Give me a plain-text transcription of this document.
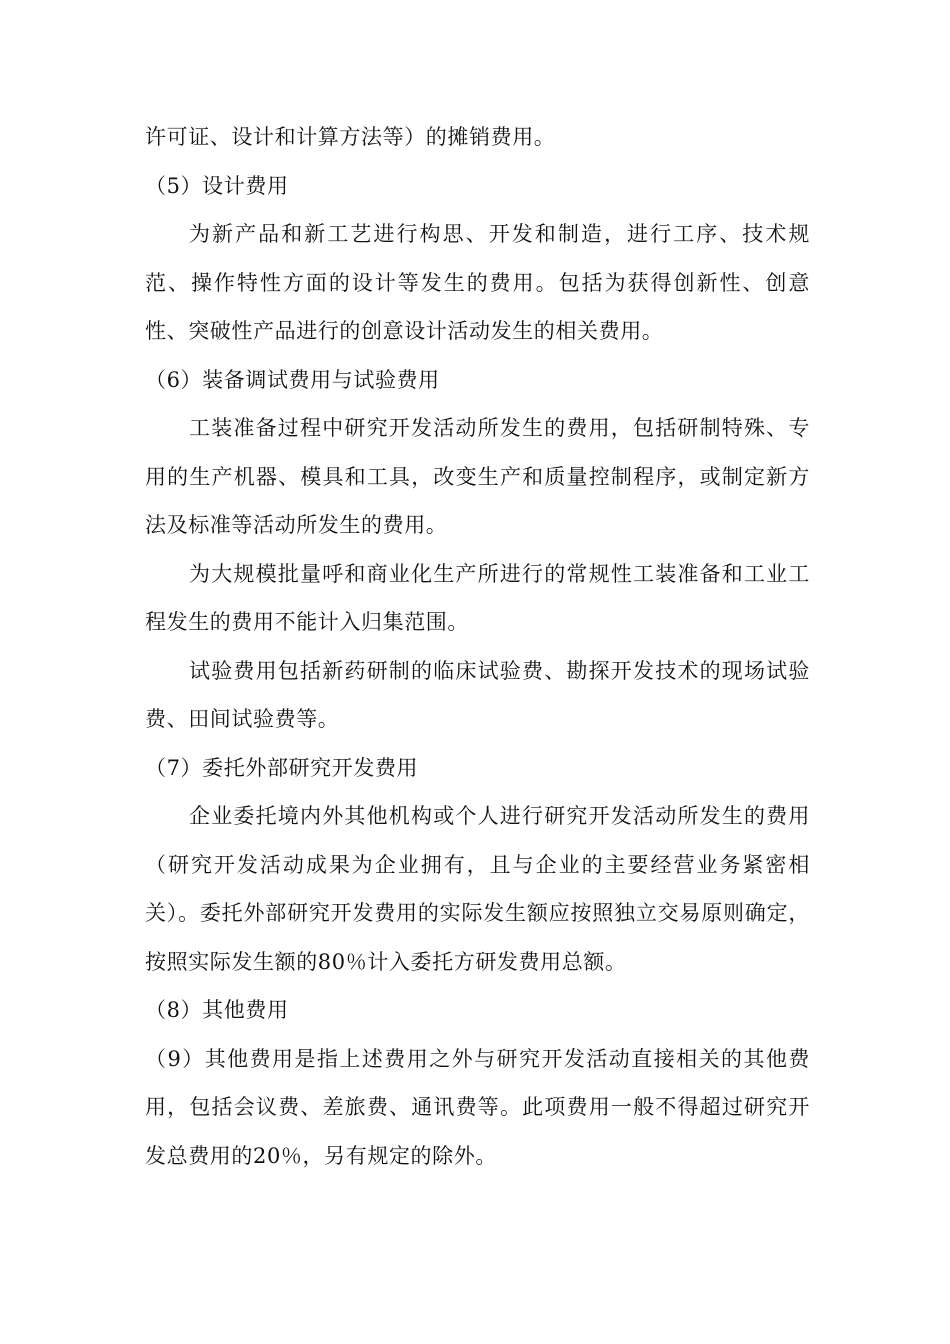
许可证、设计和计算方法等）的摊销费用。

（5）设计费用

为新产品和新工艺进行构思、开发和制造，进行工序、技术规范、操作特性方面的设计等发生的费用。包括为获得创新性、创意性、突破性产品进行的创意设计活动发生的相关费用。

（6）装备调试费用与试验费用

工装准备过程中研究开发活动所发生的费用，包括研制特殊、专用的生产机器、模具和工具，改变生产和质量控制程序，或制定新方法及标准等活动所发生的费用。

为大规模批量呼和商业化生产所进行的常规性工装准备和工业工程发生的费用不能计入归集范围。

试验费用包括新药研制的临床试验费、勘探开发技术的现场试验费、田间试验费等。

（7）委托外部研究开发费用

企业委托境内外其他机构或个人进行研究开发活动所发生的费用（研究开发活动成果为企业拥有，且与企业的主要经营业务紧密相关）。委托外部研究开发费用的实际发生额应按照独立交易原则确定，按照实际发生额的80％计入委托方研发费用总额。

（8）其他费用

（9）其他费用是指上述费用之外与研究开发活动直接相关的其他费用，包括会议费、差旅费、通讯费等。此项费用一般不得超过研究开发总费用的20％，另有规定的除外。
